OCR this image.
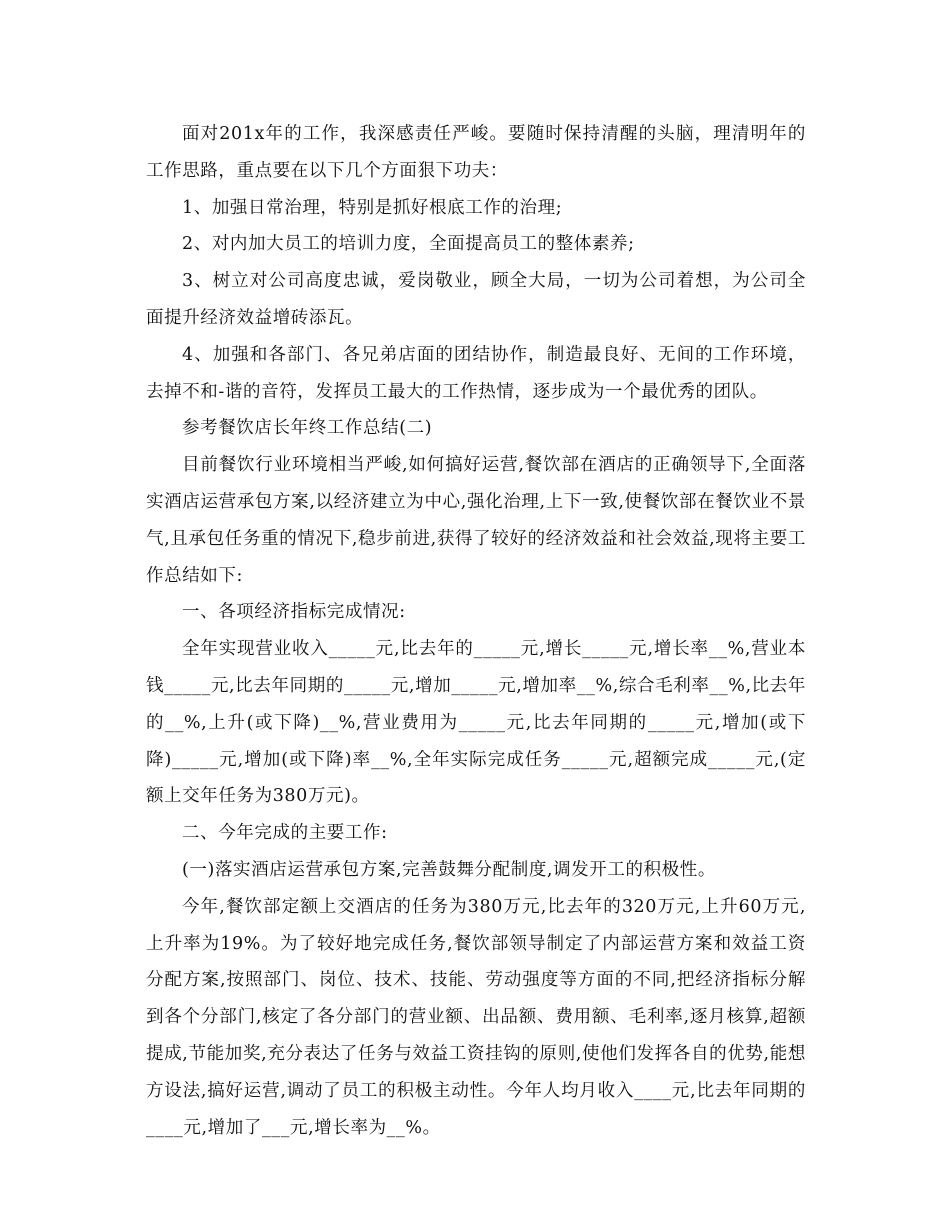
面对201x年的工作，我深感责任严峻。要随时保持清醒的头脑，理清明年的工作思路，重点要在以下几个方面狠下功夫：

1、加强日常治理，特别是抓好根底工作的治理;

2、对内加大员工的培训力度，全面提高员工的整体素养;

3、树立对公司高度忠诚，爱岗敬业，顾全大局，一切为公司着想，为公司全面提升经济效益增砖添瓦。

4、加强和各部门、各兄弟店面的团结协作，制造最良好、无间的工作环境，去掉不和-谐的音符，发挥员工最大的工作热情，逐步成为一个最优秀的团队。

参考餐饮店长年终工作总结(二)

目前餐饮行业环境相当严峻,如何搞好运营,餐饮部在酒店的正确领导下,全面落实酒店运营承包方案,以经济建立为中心,强化治理,上下一致,使餐饮部在餐饮业不景气,且承包任务重的情况下,稳步前进,获得了较好的经济效益和社会效益,现将主要工作总结如下:

一、各项经济指标完成情况:

全年实现营业收入_____元,比去年的_____元,增长_____元,增长率__%,营业本钱_____元,比去年同期的_____元,增加_____元,增加率__%,综合毛利率__%,比去年的__%,上升(或下降)__%,营业费用为_____元,比去年同期的_____元,增加(或下降)_____元,增加(或下降)率__%,全年实际完成任务_____元,超额完成_____元,(定额上交年任务为380万元)。

二、今年完成的主要工作:

(一)落实酒店运营承包方案,完善鼓舞分配制度,调发开工的积极性。

今年,餐饮部定额上交酒店的任务为380万元,比去年的320万元,上升60万元,上升率为19%。为了较好地完成任务,餐饮部领导制定了内部运营方案和效益工资分配方案,按照部门、岗位、技术、技能、劳动强度等方面的不同,把经济指标分解到各个分部门,核定了各分部门的营业额、出品额、费用额、毛利率,逐月核算,超额提成,节能加奖,充分表达了任务与效益工资挂钩的原则,使他们发挥各自的优势,能想方设法,搞好运营,调动了员工的积极主动性。今年人均月收入____元,比去年同期的____元,增加了___元,增长率为__%。
